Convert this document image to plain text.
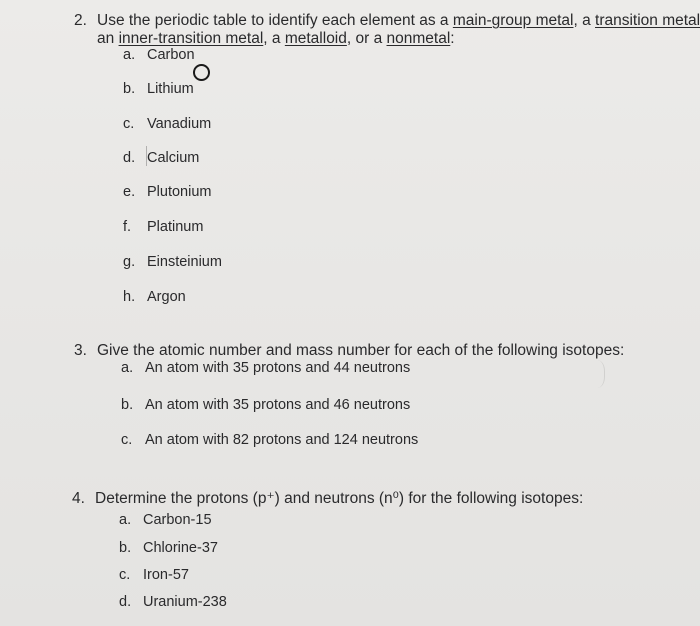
2. Use the periodic table to identify each element as a main-group metal, a transition metal
an inner-transition metal, a metalloid, or a nonmetal:
a. Carbon
b. Lithium
c. Vanadium
d. Calcium
e. Plutonium
f. Platinum
g. Einsteinium
h. Argon
3. Give the atomic number and mass number for each of the following isotopes:
a. An atom with 35 protons and 44 neutrons
b. An atom with 35 protons and 46 neutrons
c. An atom with 82 protons and 124 neutrons
4. Determine the protons (p⁺) and neutrons (n⁰) for the following isotopes:
a. Carbon-15
b. Chlorine-37
c. Iron-57
d. Uranium-238
